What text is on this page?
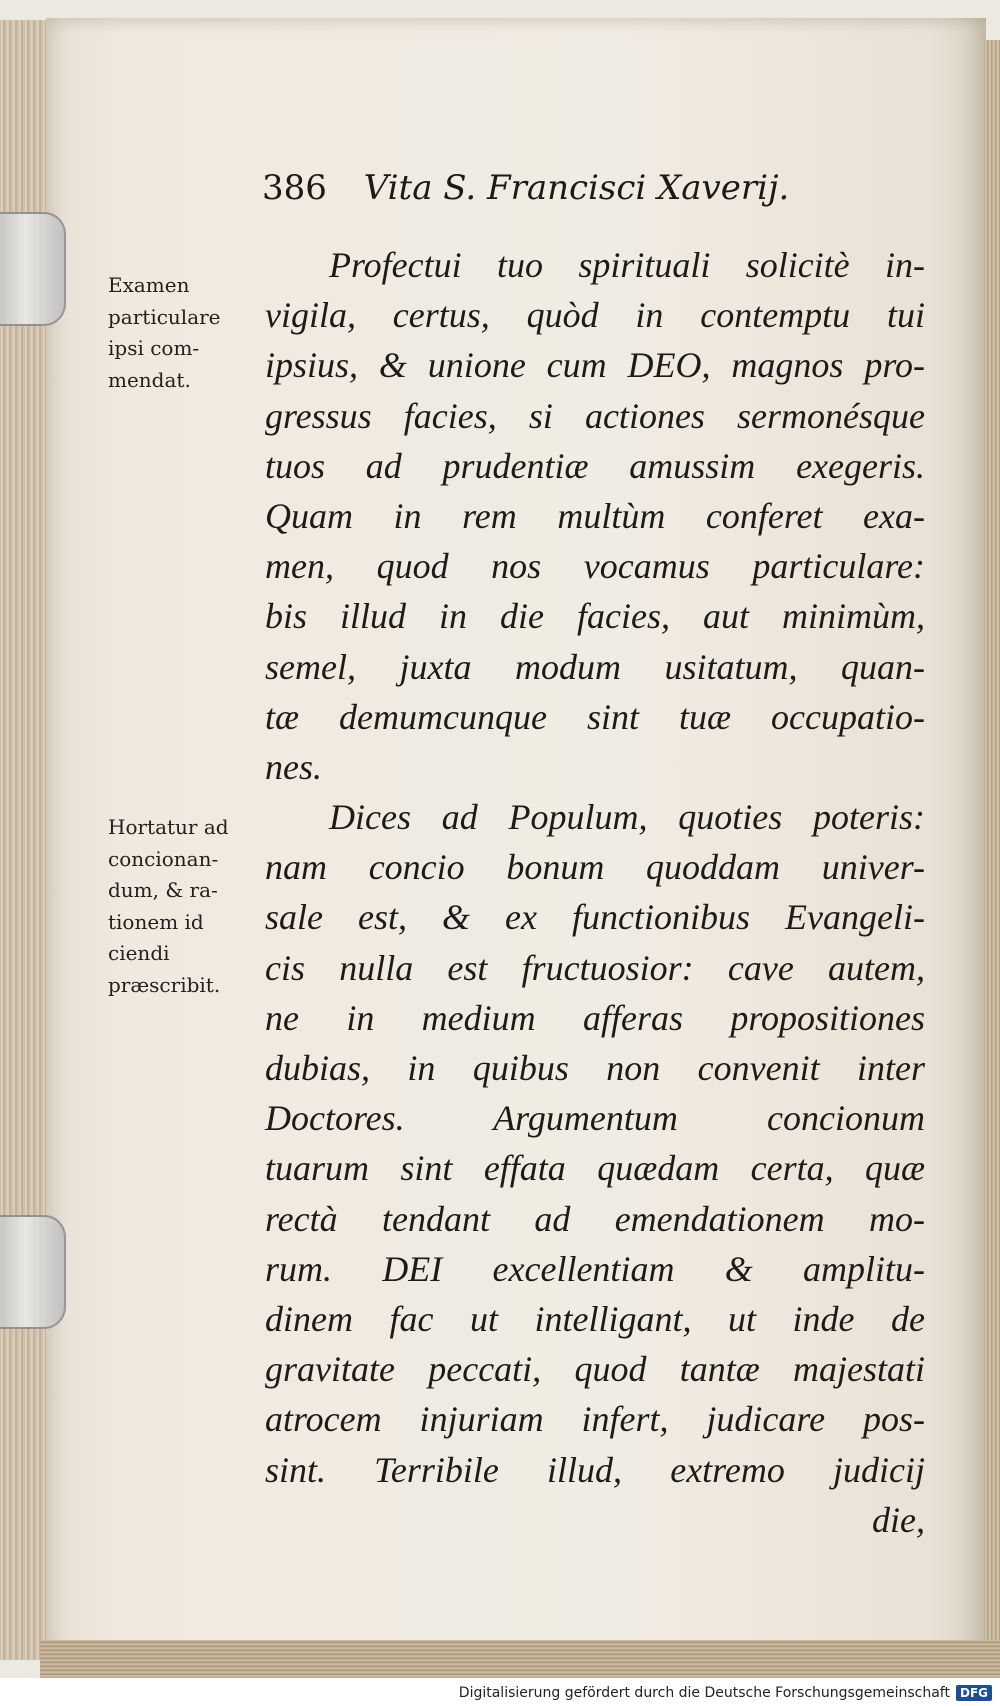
386 Vita S. Francisci Xaverij.
Examen
particulare
ipsi com-
mendat.
Hortatur ad
concionan-
dum, & ra-
tionem id
ciendi
præscribit.
Profectui tuo spirituali solicitè in-
vigila, certus, quòd in contemptu tui
ipsius, & unione cum DEO, magnos pro-
gressus facies, si actiones sermonésque
tuos ad prudentiæ amussim exegeris.
Quam in rem multùm conferet exa-
men, quod nos vocamus particulare:
bis illud in die facies, aut minimùm,
semel, juxta modum usitatum, quan-
tæ demumcunque sint tuæ occupatio-
nes.
Dices ad Populum, quoties poteris:
nam concio bonum quoddam univer-
sale est, & ex functionibus Evangeli-
cis nulla est fructuosior: cave autem,
ne in medium afferas propositiones
dubias, in quibus non convenit inter
Doctores. Argumentum concionum
tuarum sint effata quædam certa, quæ
rectà tendant ad emendationem mo-
rum. DEI excellentiam & amplitu-
dinem fac ut intelligant, ut inde de
gravitate peccati, quod tantæ majestati
atrocem injuriam infert, judicare pos-
sint. Terribile illud, extremo judicij
die,
Digitalisierung gefördert durch die Deutsche Forschungsgemeinschaft DFG
